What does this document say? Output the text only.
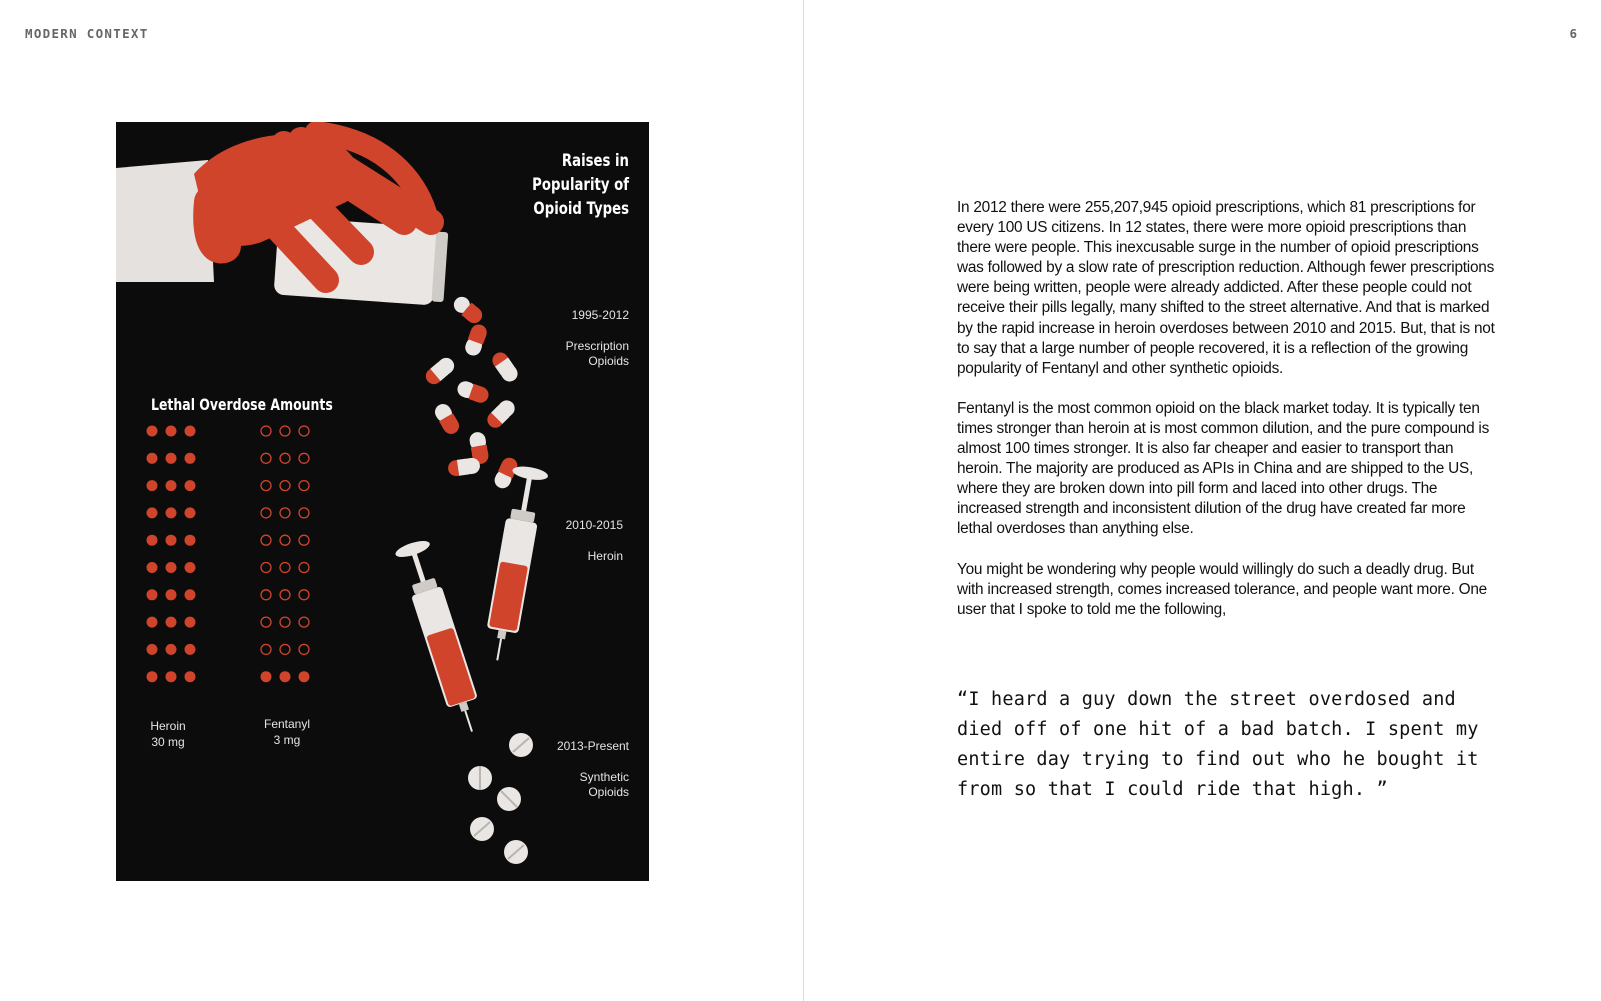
MODERN CONTEXT	6
Raises in
Popularity of
Opioid Types

1995-2012

Prescription
Opioids

2010-2015

Heroin

2013-Present

Synthetic
Opioids

Lethal Overdose Amounts
Heroin
30 mg
Fentanyl
3 mg

In 2012 there were 255,207,945 opioid prescriptions, which 81 prescriptions for every 100 US citizens. In 12 states, there were more opioid prescriptions than there were people. This inexcusable surge in the number of opioid prescriptions was followed by a slow rate of prescription reduction. Although fewer prescriptions were being written, people were already addicted. After these people could not receive their pills legally, many shifted to the street alternative. And that is marked by the rapid increase in heroin overdoses between 2010 and 2015. But, that is not to say that a large number of people recovered, it is a reflection of the growing popularity of Fentanyl and other synthetic opioids.

Fentanyl is the most common opioid on the black market today. It is typically ten times stronger than heroin at is most common dilution, and the pure compound is almost 100 times stronger. It is also far cheaper and easier to transport than heroin. The majority are produced as APIs in China and are shipped to the US, where they are broken down into pill form and laced into other drugs. The increased strength and inconsistent dilution of the drug have created far more lethal overdoses than anything else.

You might be wondering why people would willingly do such a deadly drug. But with increased strength, comes increased tolerance, and people want more. One user that I spoke to told me the following,

“I heard a guy down the street overdosed and died off of one hit of a bad batch. I spent my entire day trying to find out who he bought it from so that I could ride that high. ”
